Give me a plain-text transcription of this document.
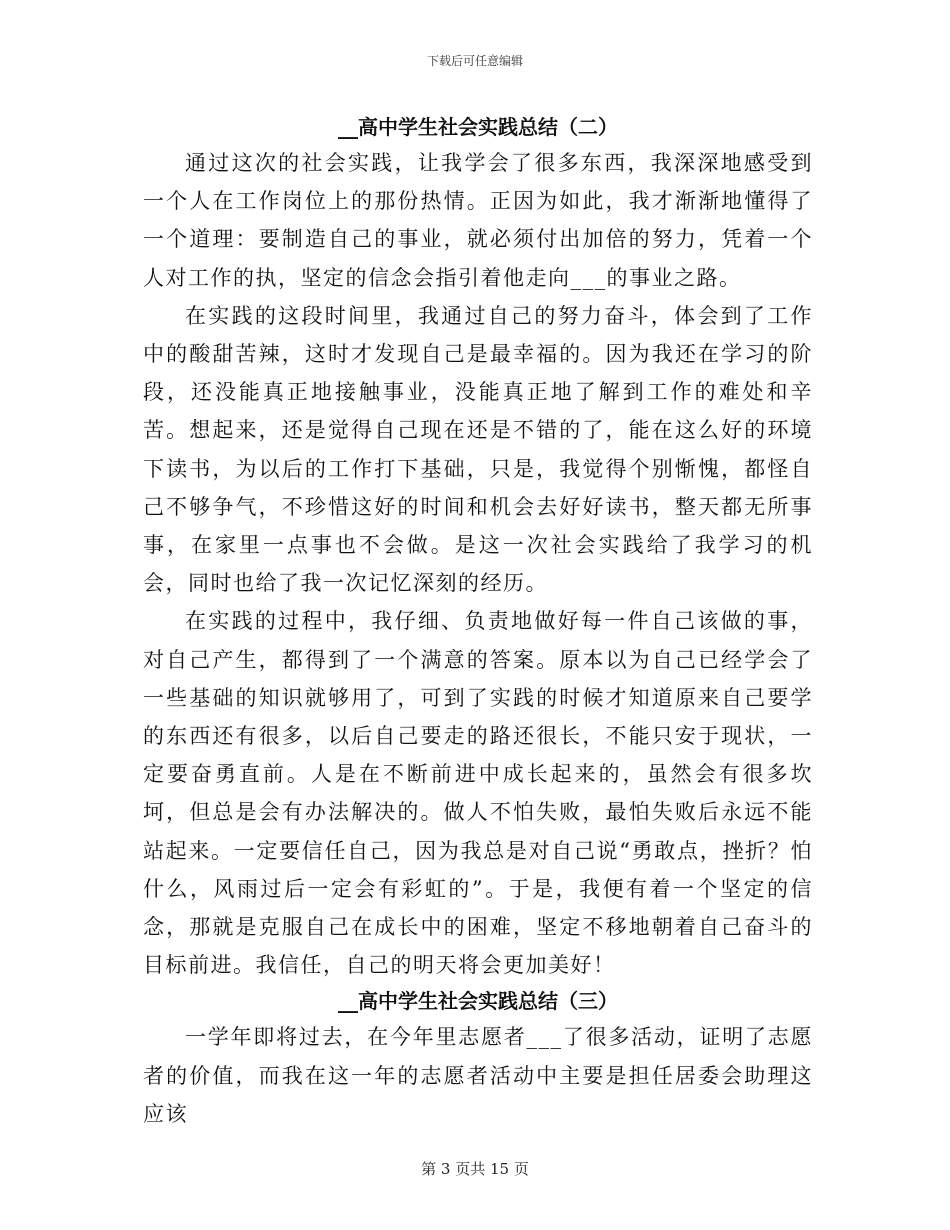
下载后可任意编辑
__高中学生社会实践总结（二）

通过这次的社会实践，让我学会了很多东西，我深深地感受到一个人在工作岗位上的那份热情。正因为如此，我才渐渐地懂得了一个道理：要制造自己的事业，就必须付出加倍的努力，凭着一个人对工作的执，坚定的信念会指引着他走向___的事业之路。

在实践的这段时间里，我通过自己的努力奋斗，体会到了工作中的酸甜苦辣，这时才发现自己是最幸福的。因为我还在学习的阶段，还没能真正地接触事业，没能真正地了解到工作的难处和辛苦。想起来，还是觉得自己现在还是不错的了，能在这么好的环境下读书，为以后的工作打下基础，只是，我觉得个别惭愧，都怪自己不够争气，不珍惜这好的时间和机会去好好读书，整天都无所事事，在家里一点事也不会做。是这一次社会实践给了我学习的机会，同时也给了我一次记忆深刻的经历。

在实践的过程中，我仔细、负责地做好每一件自己该做的事，对自己产生，都得到了一个满意的答案。原本以为自己已经学会了一些基础的知识就够用了，可到了实践的时候才知道原来自己要学的东西还有很多，以后自己要走的路还很长，不能只安于现状，一定要奋勇直前。人是在不断前进中成长起来的，虽然会有很多坎坷，但总是会有办法解决的。做人不怕失败，最怕失败后永远不能站起来。一定要信任自己，因为我总是对自己说“勇敢点，挫折？怕什么，风雨过后一定会有彩虹的”。于是，我便有着一个坚定的信念，那就是克服自己在成长中的困难，坚定不移地朝着自己奋斗的目标前进。我信任，自己的明天将会更加美好！

__高中学生社会实践总结（三）

一学年即将过去，在今年里志愿者___了很多活动，证明了志愿者的价值，而我在这一年的志愿者活动中主要是担任居委会助理这应该

第 3 页共 15 页
